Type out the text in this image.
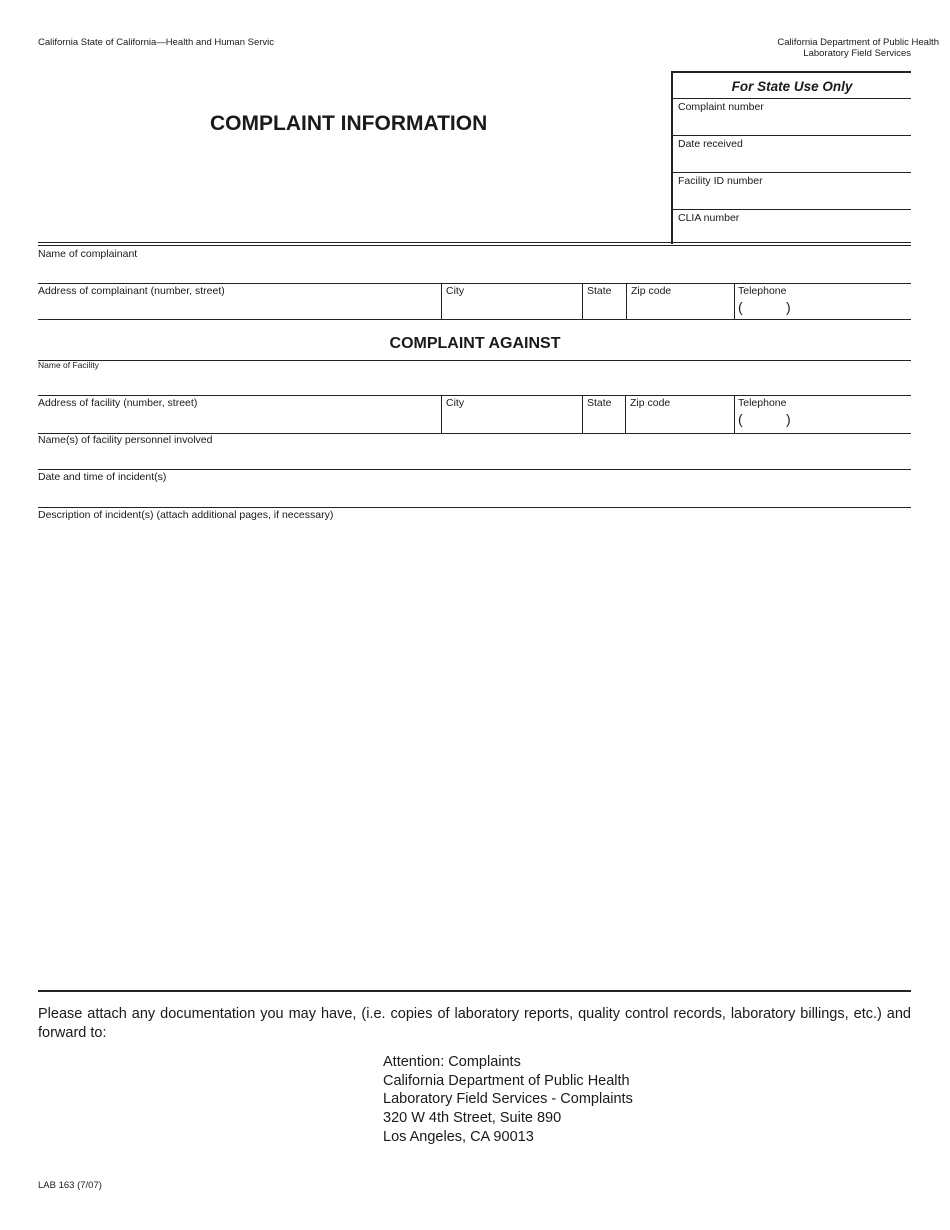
California State of California—Health and Human Servic	California Department of Public Health
Laboratory Field Services
COMPLAINT INFORMATION
For State Use Only
Complaint number
Date received
Facility ID number
CLIA number
Name of complainant
Address of complainant (number, street)	City	State Zip code	Telephone
(	)
COMPLAINT AGAINST
Name of Facility
Address of facility (number, street)	City	State Zip code	Telephone
(	)
Name(s) of facility personnel involved
Date and time of incident(s)
Description of incident(s) (attach additional pages, if necessary)
Please attach any documentation you may have, (i.e. copies of laboratory reports, quality control records, laboratory billings, etc.) and forward to:
Attention: Complaints
California Department of Public Health
Laboratory Field Services - Complaints
320 W 4th Street, Suite 890
Los Angeles, CA 90013
LAB 163 (7/07)
